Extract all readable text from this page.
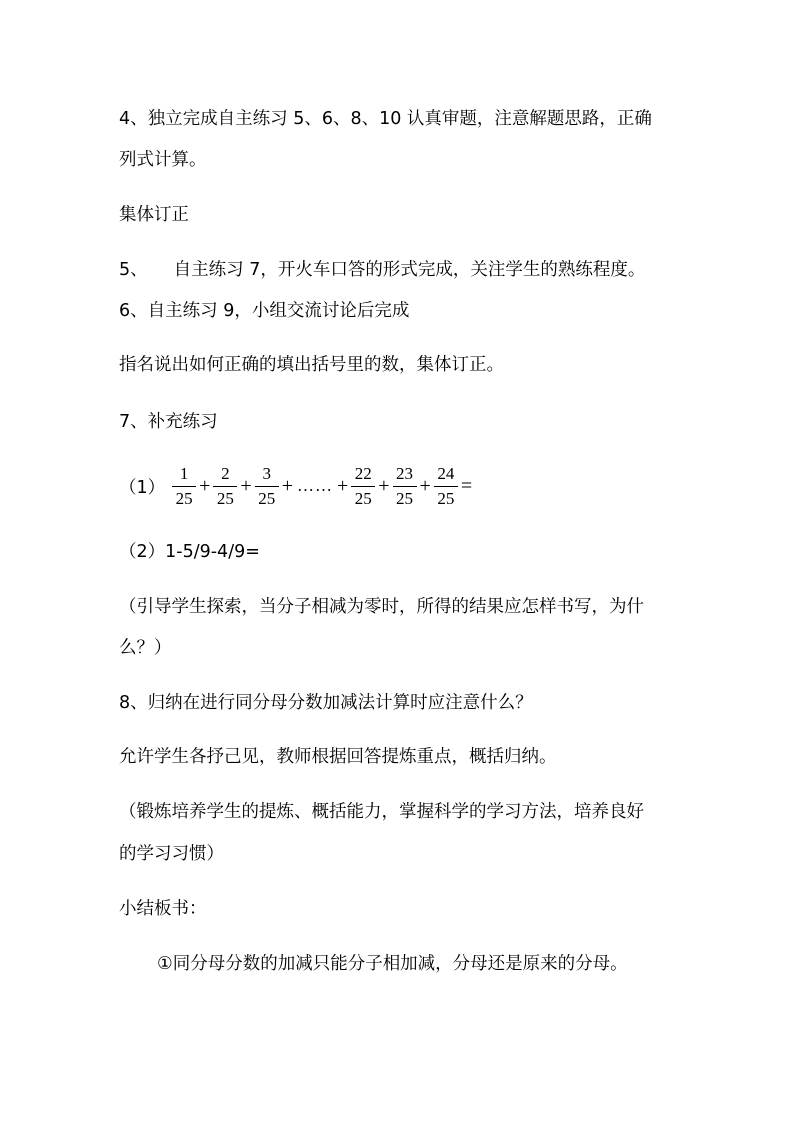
4、独立完成自主练习 5、6、8、10 认真审题，注意解题思路，正确
列式计算。
集体订正
5、 自主练习 7，开火车口答的形式完成，关注学生的熟练程度。
6、自主练习 9，小组交流讨论后完成
指名说出如何正确的填出括号里的数，集体订正。
7、补充练习
$(1) \frac{1}{25} + \frac{2}{25} + \frac{3}{25}$ + …… + $\frac{22}{25} + \frac{23}{25} + \frac{24}{25}$ =
（2）1-5/9-4/9=
（引导学生探索，当分子相减为零时，所得的结果应怎样书写，为什
么？）
8、归纳在进行同分母分数加减法计算时应注意什么？
允许学生各抒己见，教师根据回答提炼重点，概括归纳。
（锻炼培养学生的提炼、概括能力，掌握科学的学习方法，培养良好
的学习习惯）
小结板书：
①同分母分数的加减只能分子相加减，分母还是原来的分母。
